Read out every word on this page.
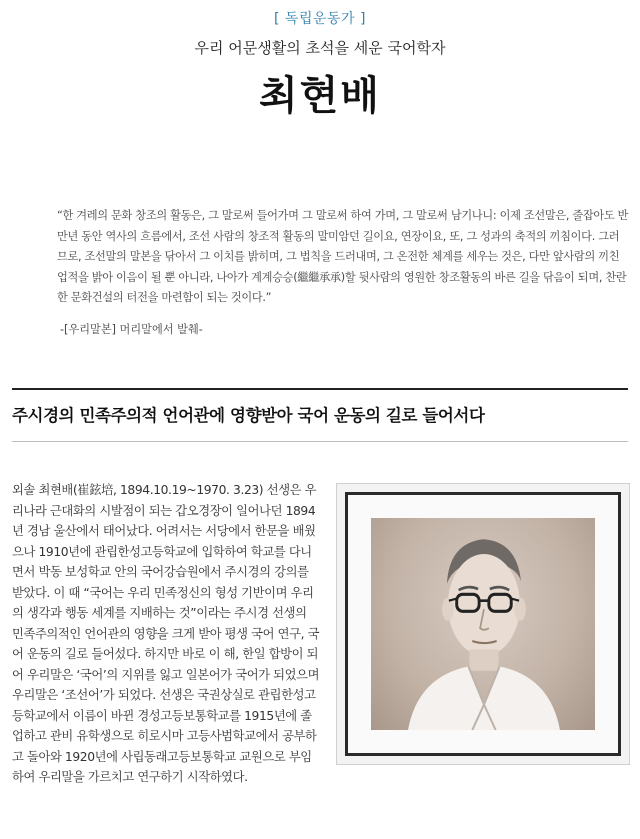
[ 독립운동가 ]
우리 어문생활의 초석을 세운 국어학자
최현배

“한 겨레의 문화 창조의 활동은, 그 말로써 들어가며 그 말로써 하여 가며, 그 말로써 남기나니: 이제 조선말은, 줄잡아도 반만년 동안 역사의 흐름에서, 조선 사람의 창조적 활동의 말미암던 길이요, 연장이요, 또, 그 성과의 축적의 끼침이다. 그러므로, 조선말의 말본을 닦아서 그 이치를 밝히며, 그 법칙을 드러내며, 그 온전한 체계를 세우는 것은, 다만 앞사람의 끼친 업적을 밝아 이음이 될 뿐 아니라, 나아가 계계승승(繼繼承承)할 뒷사람의 영원한 창조활동의 바른 길을 닦음이 되며, 찬란한 문화건설의 터전을 마련함이 되는 것이다.”

-[우리말본] 머리말에서 발췌-
주시경의 민족주의적 언어관에 영향받아 국어 운동의 길로 들어서다
외솔 최현배(崔鉉培, 1894.10.19~1970. 3.23) 선생은 우리나라 근대화의 시발점이 되는 갑오경장이 일어나던 1894년 경남 울산에서 태어났다. 어려서는 서당에서 한문을 배웠으나 1910년에 관립한성고등학교에 입학하여 학교를 다니면서 박동 보성학교 안의 국어강습원에서 주시경의 강의를 받았다. 이 때 “국어는 우리 민족정신의 형성 기반이며 우리의 생각과 행동 세계를 지배하는 것”이라는 주시경 선생의 민족주의적인 언어관의 영향을 크게 받아 평생 국어 연구, 국어 운동의 길로 들어섰다. 하지만 바로 이 해, 한일 합방이 되어 우리말은 ‘국어’의 지위를 잃고 일본어가 국어가 되었으며 우리말은 ‘조선어’가 되었다. 선생은 국권상실로 관립한성고등학교에서 이름이 바뀐 경성고등보통학교를 1915년에 졸업하고 관비 유학생으로 히로시마 고등사범학교에서 공부하고 돌아와 1920년에 사립동래고등보통학교 교원으로 부임하여 우리말을 가르치고 연구하기 시작하였다.
